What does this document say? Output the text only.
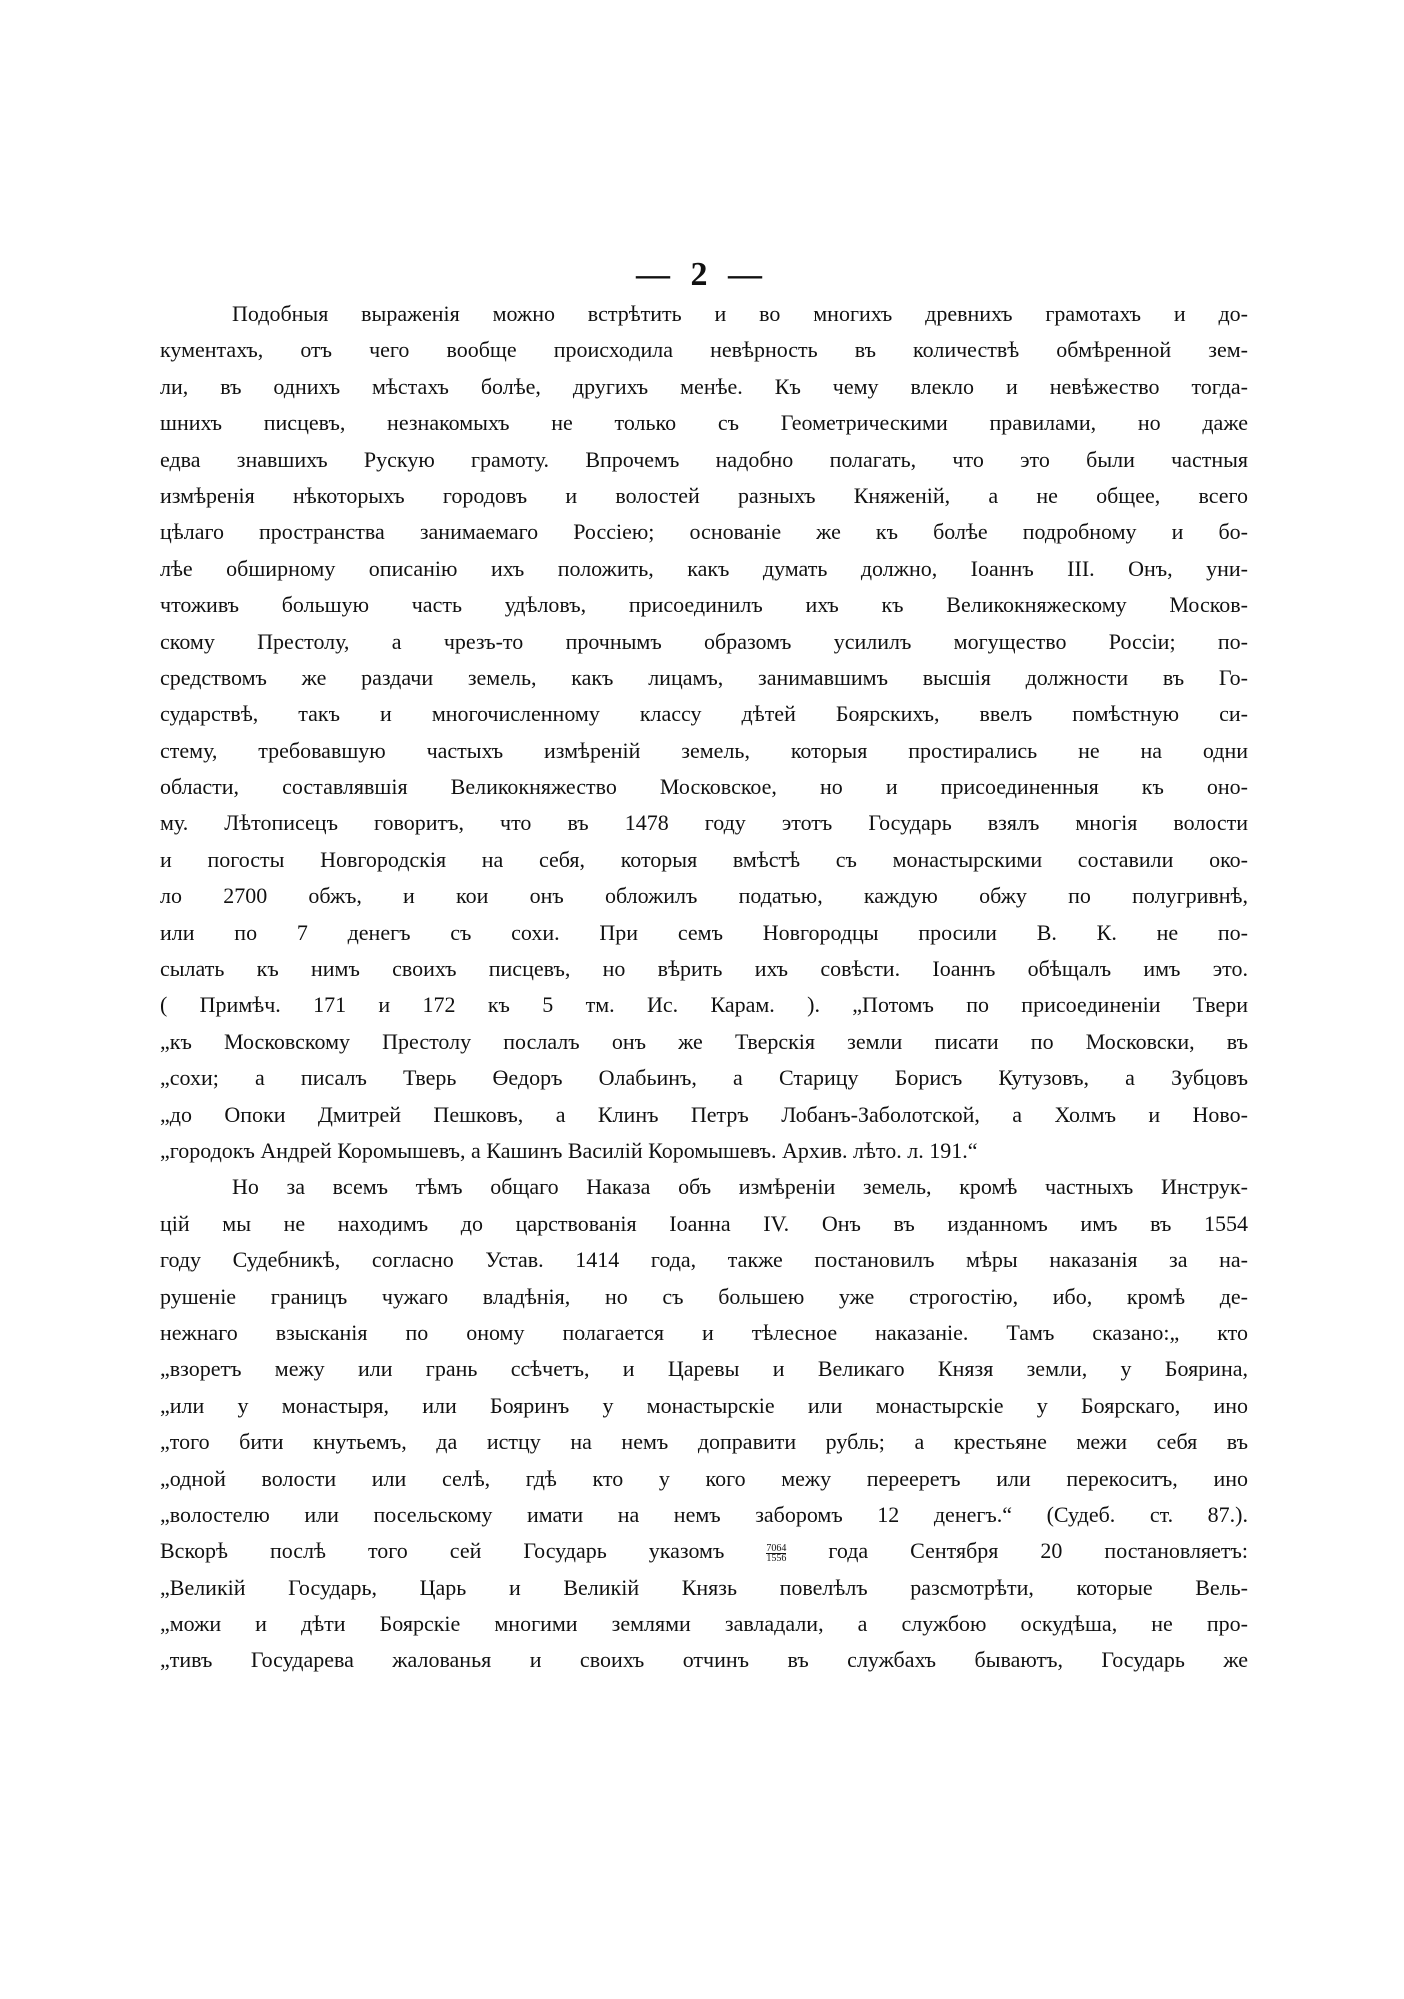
— 2 —
Подобныя выраженія можно встрѣтить и во многихъ древнихъ грамотахъ и до-
кументахъ, отъ чего вообще происходила невѣрность въ количествѣ обмѣренной зем-
ли, въ однихъ мѣстахъ болѣе, другихъ менѣе. Къ чему влекло и невѣжество тогда-
шнихъ писцевъ, незнакомыхъ не только съ Геометрическими правилами, но даже
едва знавшихъ Рускую грамоту. Впрочемъ надобно полагать, что это были частныя
измѣренія нѣкоторыхъ городовъ и волостей разныхъ Княженій, а не общее, всего
цѣлаго пространства занимаемаго Россіею; основаніе же къ болѣе подробному и бо-
лѣе обширному описанію ихъ положить, какъ думать должно, Іоаннъ III. Онъ, уни-
чтоживъ большую часть удѣловъ, присоединилъ ихъ къ Великокняжескому Москов-
скому Престолу, а чрезъ-то прочнымъ образомъ усилилъ могущество Россіи; по-
средствомъ же раздачи земель, какъ лицамъ, занимавшимъ высшія должности въ Го-
сударствѣ, такъ и многочисленному классу дѣтей Боярскихъ, ввелъ помѣстную си-
стему, требовавшую частыхъ измѣреній земель, которыя простирались не на одни
области, составлявшія Великокняжество Московское, но и присоединенныя къ оно-
му. Лѣтописецъ говоритъ, что въ 1478 году этотъ Государь взялъ многія волости
и погосты Новгородскія на себя, которыя вмѣстѣ съ монастырскими составили око-
ло 2700 обжъ, и кои онъ обложилъ податью, каждую обжу по полугривнѣ,
или по 7 денегъ съ сохи. При семъ Новгородцы просили В. К. не по-
сылать къ нимъ своихъ писцевъ, но вѣрить ихъ совѣсти. Іоаннъ обѣщалъ имъ это.
( Примѣч. 171 и 172 къ 5 тм. Ис. Карам. ). „Потомъ по присоединеніи Твери
„къ Московскому Престолу послалъ онъ же Тверскія земли писати по Московски, въ
„сохи; а писалъ Тверь Өедоръ Олабьинъ, а Старицу Борисъ Кутузовъ, а Зубцовъ
„до Опоки Дмитрей Пешковъ, а Клинъ Петръ Лобанъ-Заболотской, а Холмъ и Ново-
„городокъ Андрей Коромышевъ, а Кашинъ Василій Коромышевъ. Архив. лѣто. л. 191.“
Но за всемъ тѣмъ общаго Наказа объ измѣреніи земель, кромѣ частныхъ Инструк-
цій мы не находимъ до царствованія Іоанна IV. Онъ въ изданномъ имъ въ 1554
году Судебникѣ, согласно Устав. 1414 года, также постановилъ мѣры наказанія за на-
рушеніе границъ чужаго владѣнія, но съ большею уже строгостію, ибо, кромѣ де-
нежнаго взысканія по оному полагается и тѣлесное наказаніе. Тамъ сказано:„ кто
„взоретъ межу или грань ссѣчетъ, и Царевы и Великаго Князя земли, у Боярина,
„или у монастыря, или Бояринъ у монастырскіе или монастырскіе у Боярскаго, ино
„того бити кнутьемъ, да истцу на немъ доправити рубль; а крестьяне межи себя въ
„одной волости или селѣ, гдѣ кто у кого межу перееретъ или перекоситъ, ино
„волостелю или посельскому имати на немъ заборомъ 12 денегъ.“ (Судеб. ст. 87.).
Вскорѣ послѣ того сей Государь указомъ $\frac{7064}{1556}$ года Сентября 20 постановляетъ:
„Великій Государь, Царь и Великій Князь повелѣлъ разсмотрѣти, которые Вель-
„можи и дѣти Боярскіе многими землями завладали, а службою оскудѣша, не про-
„тивъ Государева жалованья и своихъ отчинъ въ службахъ бываютъ, Государь же
